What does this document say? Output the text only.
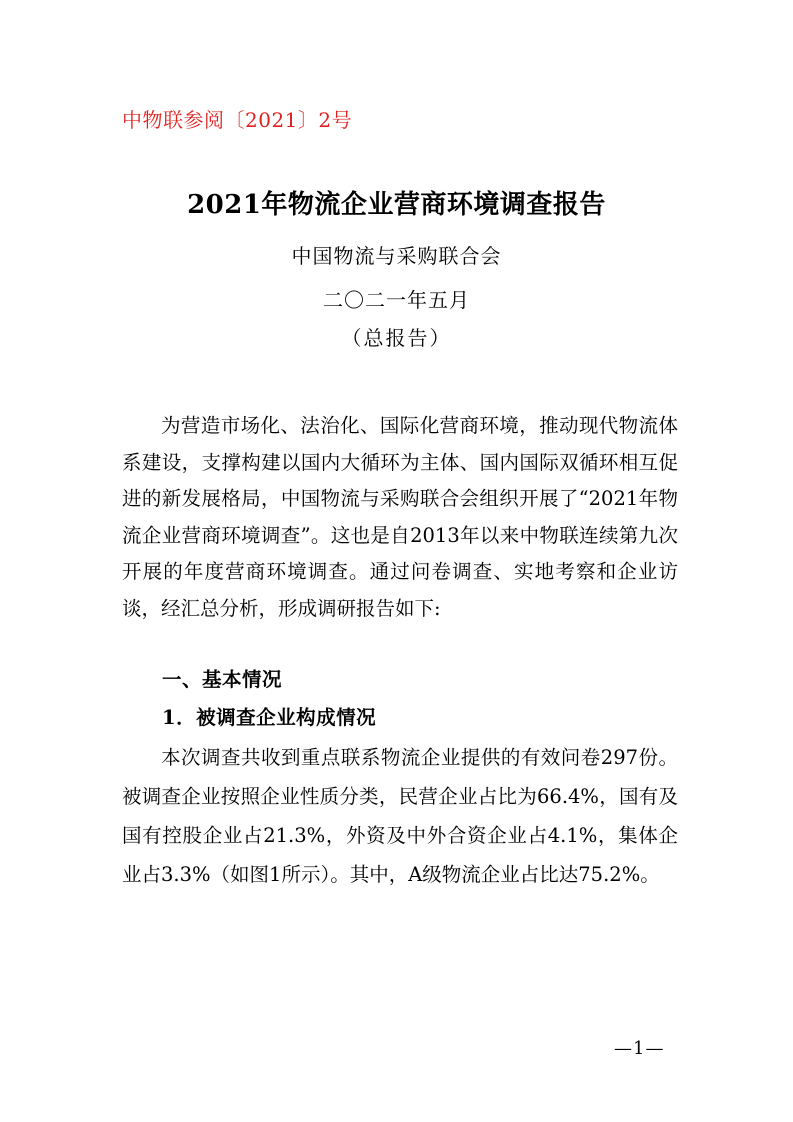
中物联参阅〔2021〕2号
2021年物流企业营商环境调查报告
中国物流与采购联合会
二〇二一年五月
（总报告）

为营造市场化、法治化、国际化营商环境，推动现代物流体系建设，支撑构建以国内大循环为主体、国内国际双循环相互促进的新发展格局，中国物流与采购联合会组织开展了“2021年物流企业营商环境调查”。这也是自2013年以来中物联连续第九次开展的年度营商环境调查。通过问卷调查、实地考察和企业访谈，经汇总分析，形成调研报告如下:

一、基本情况
1．被调查企业构成情况

本次调查共收到重点联系物流企业提供的有效问卷297份。被调查企业按照企业性质分类，民营企业占比为66.4%，国有及国有控股企业占21.3%，外资及中外合资企业占4.1%，集体企业占3.3%（如图1所示）。其中，A级物流企业占比达75.2%。

—1—
